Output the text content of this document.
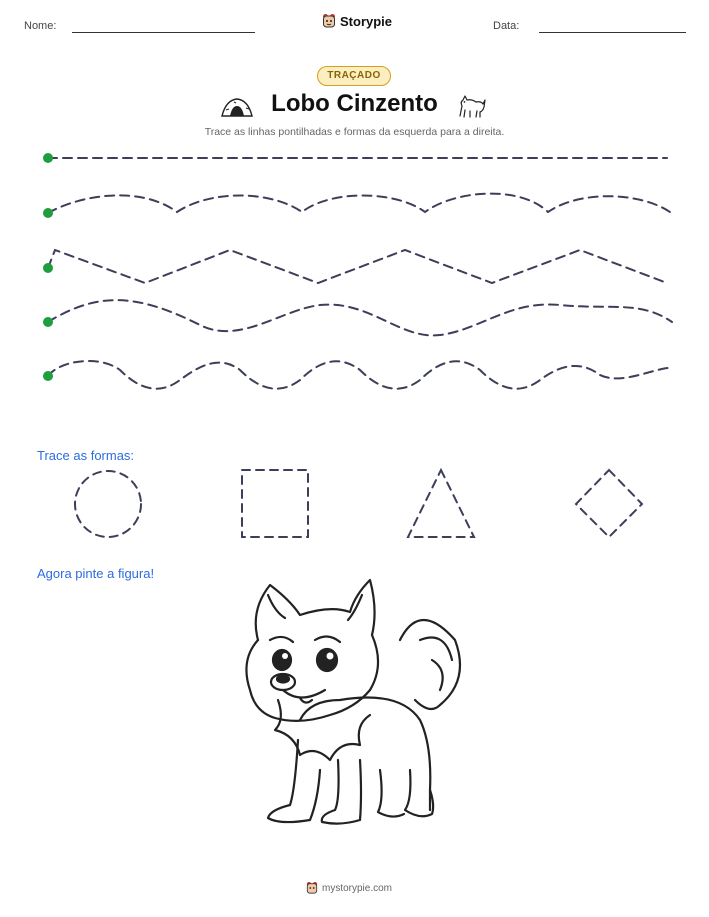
Nome:	Storypie	Data:
TRAÇADO
Lobo Cinzento
Trace as linhas pontilhadas e formas da esquerda para a direita.
Trace as formas:
Agora pinte a figura!
mystorypie.com
